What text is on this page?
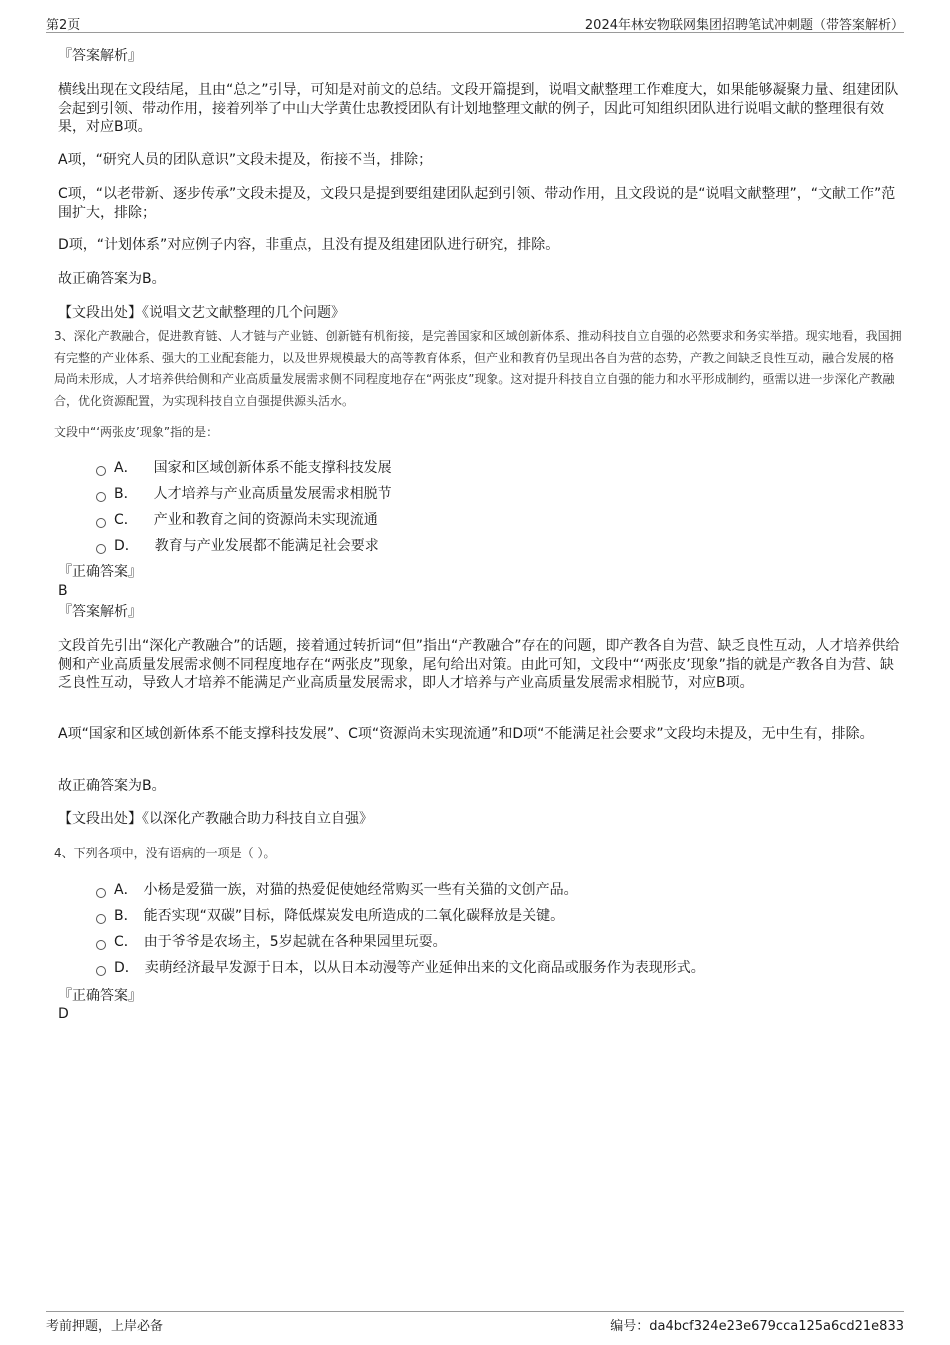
第2页	2024年林安物联网集团招聘笔试冲刺题（带答案解析）
『答案解析』

横线出现在文段结尾，且由“总之”引导，可知是对前文的总结。文段开篇提到，说唱文献整理工作难度大，如果能够凝聚力量、组建团队会起到引领、带动作用，接着列举了中山大学黄仕忠教授团队有计划地整理文献的例子，因此可知组织团队进行说唱文献的整理很有效果，对应B项。

A项，“研究人员的团队意识”文段未提及，衔接不当，排除；

C项，“以老带新、逐步传承”文段未提及，文段只是提到要组建团队起到引领、带动作用，且文段说的是“说唱文献整理”，“文献工作”范围扩大，排除；

D项，“计划体系”对应例子内容，非重点，且没有提及组建团队进行研究，排除。

故正确答案为B。

【文段出处】《说唱文艺文献整理的几个问题》

3、深化产教融合，促进教育链、人才链与产业链、创新链有机衔接，是完善国家和区域创新体系、推动科技自立自强的必然要求和务实举措。现实地看，我国拥有完整的产业体系、强大的工业配套能力，以及世界规模最大的高等教育体系，但产业和教育仍呈现出各自为营的态势，产教之间缺乏良性互动，融合发展的格局尚未形成，人才培养供给侧和产业高质量发展需求侧不同程度地存在“两张皮”现象。这对提升科技自立自强的能力和水平形成制约，亟需以进一步深化产教融合，优化资源配置，为实现科技自立自强提供源头活水。

文段中“‘两张皮’现象”指的是：
A． 国家和区域创新体系不能支撑科技发展
B． 人才培养与产业高质量发展需求相脱节
C． 产业和教育之间的资源尚未实现流通
D． 教育与产业发展都不能满足社会要求
『正确答案』
B
『答案解析』

文段首先引出“深化产教融合”的话题，接着通过转折词“但”指出“产教融合”存在的问题，即产教各自为营、缺乏良性互动，人才培养供给侧和产业高质量发展需求侧不同程度地存在“两张皮”现象，尾句给出对策。由此可知，文段中“‘两张皮’现象”指的就是产教各自为营、缺乏良性互动，导致人才培养不能满足产业高质量发展需求，即人才培养与产业高质量发展需求相脱节，对应B项。

A项“国家和区域创新体系不能支撑科技发展”、C项“资源尚未实现流通”和D项“不能满足社会要求”文段均未提及，无中生有，排除。

故正确答案为B。

【文段出处】《以深化产教融合助力科技自立自强》
4、下列各项中，没有语病的一项是（ ）。
A． 小杨是爱猫一族，对猫的热爱促使她经常购买一些有关猫的文创产品。
B． 能否实现“双碳”目标，降低煤炭发电所造成的二氧化碳释放是关键。
C． 由于爷爷是农场主，5岁起就在各种果园里玩耍。
D． 卖萌经济最早发源于日本，以从日本动漫等产业延伸出来的文化商品或服务作为表现形式。
『正确答案』
D
考前押题，上岸必备	编号：da4bcf324e23e679cca125a6cd21e833
